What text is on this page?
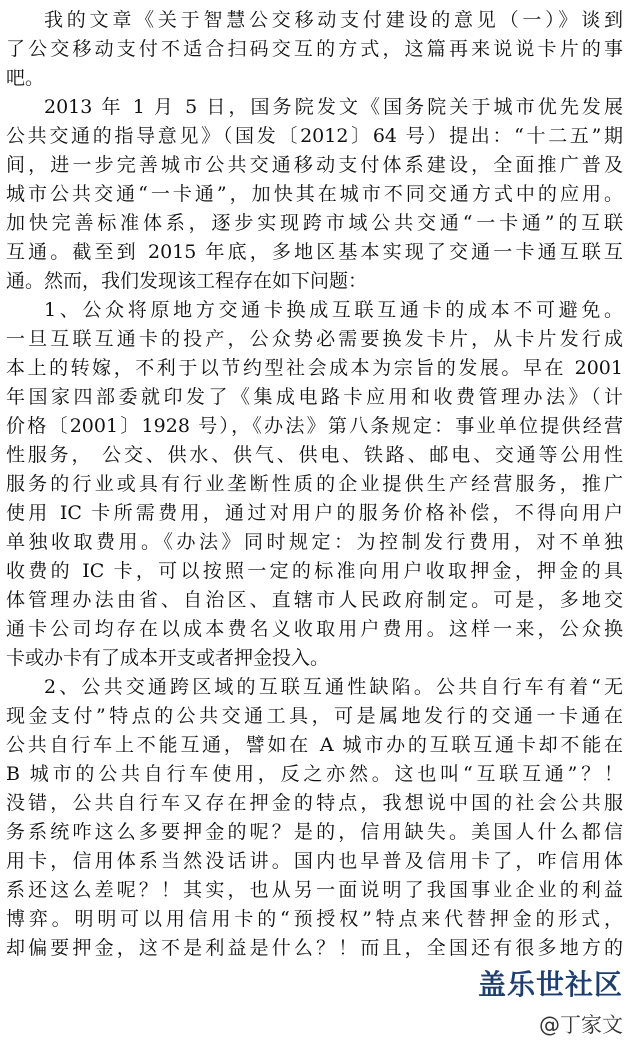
我的文章《关于智慧公交移动支付建设的意见（一）》谈到
了公交移动支付不适合扫码交互的方式，这篇再来说说卡片的事
吧。
2013 年 1 月 5 日，国务院发文《国务院关于城市优先发展
公共交通的指导意见》（国发〔2012〕64 号）提出：“十二五”期
间，进一步完善城市公共交通移动支付体系建设，全面推广普及
城市公共交通“一卡通”，加快其在城市不同交通方式中的应用。
加快完善标准体系，逐步实现跨市域公共交通“一卡通”的互联
互通。截至到 2015 年底，多地区基本实现了交通一卡通互联互
通。然而，我们发现该工程存在如下问题：
1、公众将原地方交通卡换成互联互通卡的成本不可避免。
一旦互联互通卡的投产，公众势必需要换发卡片，从卡片发行成
本上的转嫁，不利于以节约型社会成本为宗旨的发展。早在 2001
年国家四部委就印发了《集成电路卡应用和收费管理办法》（计
价格〔2001〕1928 号），《办法》第八条规定：事业单位提供经营
性服务， 公交、供水、供气、供电、铁路、邮电、交通等公用性
服务的行业或具有行业垄断性质的企业提供生产经营服务，推广
使用 IC 卡所需费用，通过对用户的服务价格补偿，不得向用户
单独收取费用。《办法》同时规定：为控制发行费用，对不单独
收费的 IC 卡，可以按照一定的标准向用户收取押金，押金的具
体管理办法由省、自治区、直辖市人民政府制定。可是，多地交
通卡公司均存在以成本费名义收取用户费用。这样一来，公众换
卡或办卡有了成本开支或者押金投入。
2、公共交通跨区域的互联互通性缺陷。公共自行车有着“无
现金支付”特点的公共交通工具，可是属地发行的交通一卡通在
公共自行车上不能互通，譬如在 A 城市办的互联互通卡却不能在
B 城市的公共自行车使用，反之亦然。这也叫“互联互通”？！
没错，公共自行车又存在押金的特点，我想说中国的社会公共服
务系统咋这么多要押金的呢？是的，信用缺失。美国人什么都信
用卡，信用体系当然没话讲。国内也早普及信用卡了，咋信用体
系还这么差呢？！其实，也从另一面说明了我国事业企业的利益
博弈。明明可以用信用卡的“预授权”特点来代替押金的形式，
却偏要押金，这不是利益是什么？！而且，全国还有很多地方的
盖乐世社区
@丁家文
